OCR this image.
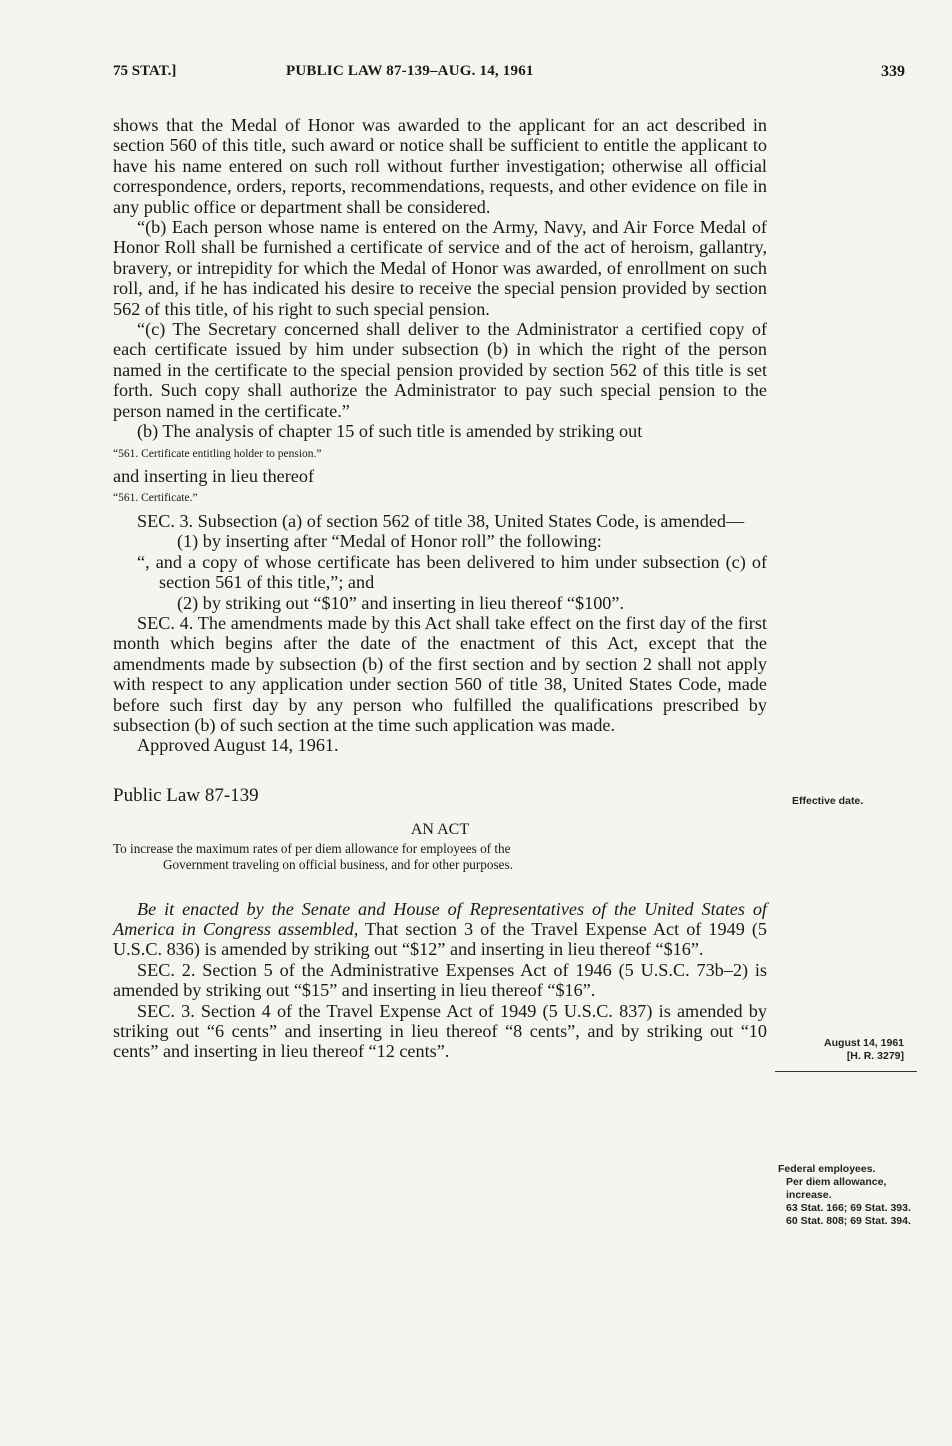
75 STAT.]	PUBLIC LAW 87-139–AUG. 14, 1961	339

shows that the Medal of Honor was awarded to the applicant for an act described in section 560 of this title, such award or notice shall be sufficient to entitle the applicant to have his name entered on such roll without further investigation; otherwise all official correspondence, orders, reports, recommendations, requests, and other evidence on file in any public office or department shall be considered.

“(b) Each person whose name is entered on the Army, Navy, and Air Force Medal of Honor Roll shall be furnished a certificate of service and of the act of heroism, gallantry, bravery, or intrepidity for which the Medal of Honor was awarded, of enrollment on such roll, and, if he has indicated his desire to receive the special pension provided by section 562 of this title, of his right to such special pension.

“(c) The Secretary concerned shall deliver to the Administrator a certified copy of each certificate issued by him under subsection (b) in which the right of the person named in the certificate to the special pension provided by section 562 of this title is set forth. Such copy shall authorize the Administrator to pay such special pension to the person named in the certificate.”

(b) The analysis of chapter 15 of such title is amended by striking out

“561. Certificate entitling holder to pension.”

and inserting in lieu thereof

“561. Certificate.”

SEC. 3. Subsection (a) of section 562 of title 38, United States Code, is amended—

(1) by inserting after “Medal of Honor roll” the following:

“, and a copy of whose certificate has been delivered to him under subsection (c) of section 561 of this title,”; and

(2) by striking out “$10” and inserting in lieu thereof “$100”.

SEC. 4. The amendments made by this Act shall take effect on the first day of the first month which begins after the date of the enactment of this Act, except that the amendments made by subsection (b) of the first section and by section 2 shall not apply with respect to any application under section 560 of title 38, United States Code, made before such first day by any person who fulfilled the qualifications prescribed by subsection (b) of such section at the time such application was made.

Approved August 14, 1961.

Public Law 87-139

AN ACT

To increase the maximum rates of per diem allowance for employees of the
Government traveling on official business, and for other purposes.

Be it enacted by the Senate and House of Representatives of the United States of America in Congress assembled, That section 3 of the Travel Expense Act of 1949 (5 U.S.C. 836) is amended by striking out “$12” and inserting in lieu thereof “$16”.

SEC. 2. Section 5 of the Administrative Expenses Act of 1946 (5 U.S.C. 73b–2) is amended by striking out “$15” and inserting in lieu thereof “$16”.

SEC. 3. Section 4 of the Travel Expense Act of 1949 (5 U.S.C. 837) is amended by striking out “6 cents” and inserting in lieu thereof “8 cents”, and by striking out “10 cents” and inserting in lieu thereof “12 cents”.

Effective date.
August 14, 1961
[H. R. 3279]
Federal employees.
Per diem allowance, increase.
63 Stat. 166; 69 Stat. 393.
60 Stat. 808; 69 Stat. 394.
